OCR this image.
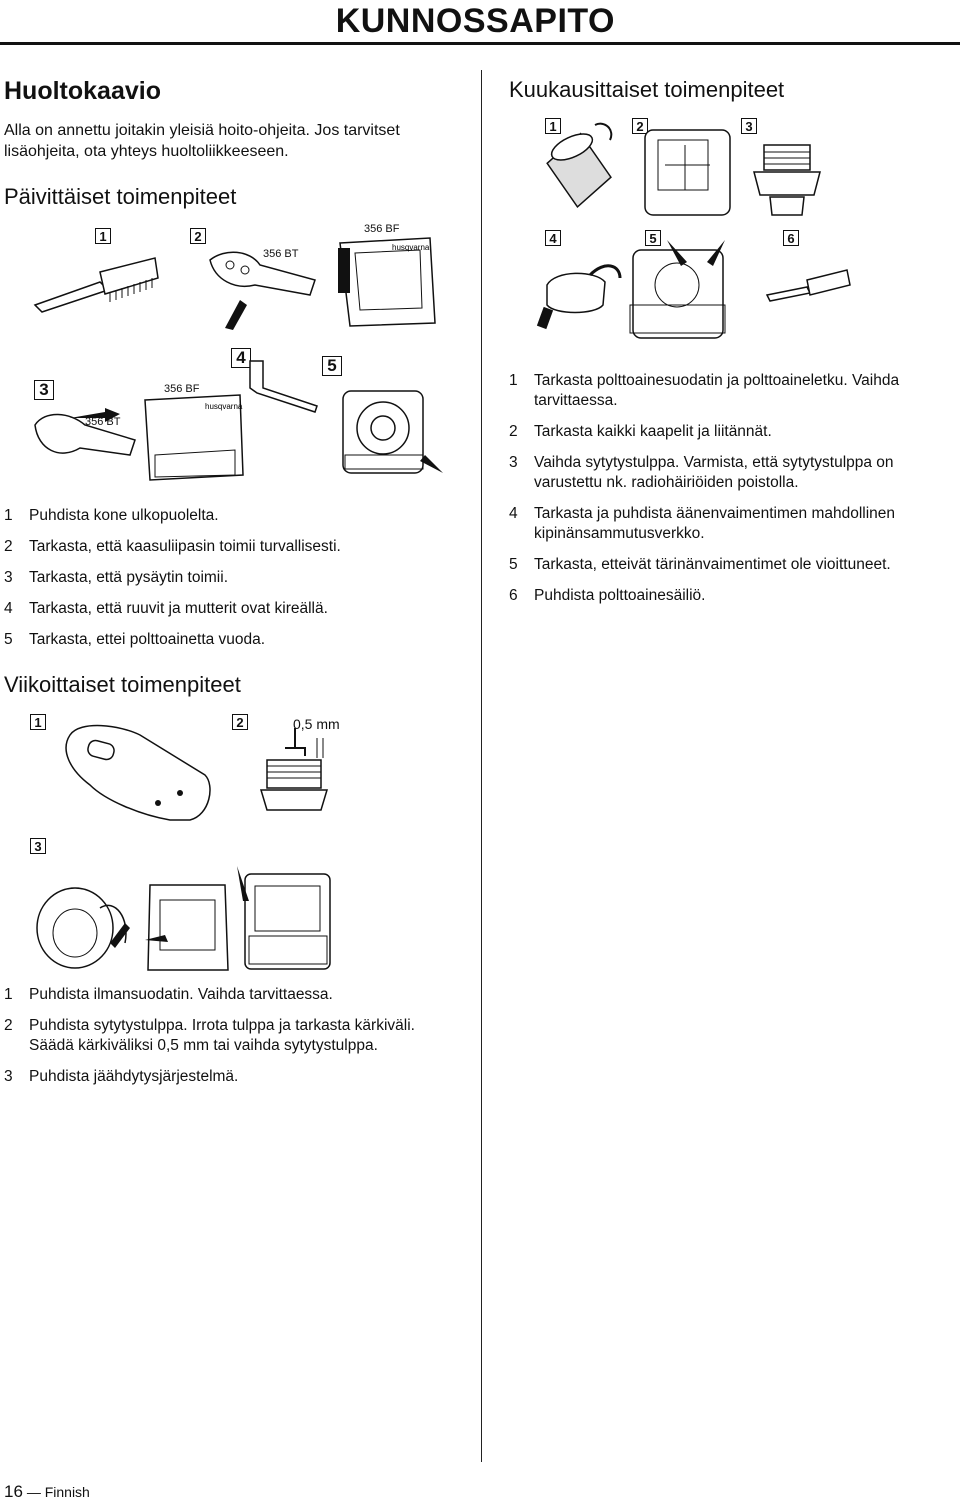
KUNNOSSAPITO
Huoltokaavio
Alla on annettu joitakin yleisiä hoito-ohjeita. Jos tarvitset lisäohjeita, ota yhteys huoltoliikkeeseen.
Päivittäiset toimenpiteet
1	2
356 BT
356 BF
husqvarna
3	356 BF
356 BT
4	5
husqvarna
1	Puhdista kone ulkopuolelta.
2	Tarkasta, että kaasuliipasin toimii turvallisesti.
3	Tarkasta, että pysäytin toimii.
4	Tarkasta, että ruuvit ja mutterit ovat kireällä.
5	Tarkasta, ettei polttoainetta vuoda.
Viikoittaiset toimenpiteet
1	2	0,5 mm
3
1	Puhdista ilmansuodatin. Vaihda tarvittaessa.
2	Puhdista sytytystulppa. Irrota tulppa ja tarkasta kärkiväli. Säädä kärkiväliksi 0,5 mm tai vaihda sytytystulppa.
3	Puhdista jäähdytysjärjestelmä.
Kuukausittaiset toimenpiteet
1	2	3
4	5	6
1	Tarkasta polttoainesuodatin ja polttoaineletku. Vaihda tarvittaessa.
2	Tarkasta kaikki kaapelit ja liitännät.
3	Vaihda sytytystulppa. Varmista, että sytytystulppa on varustettu nk. radiohäiriöiden poistolla.
4	Tarkasta ja puhdista äänenvaimentimen mahdollinen kipinänsammutusverkko.
5	Tarkasta, etteivät tärinänvaimentimet ole vioittuneet.
6	Puhdista polttoainesäiliö.
16 — Finnish
